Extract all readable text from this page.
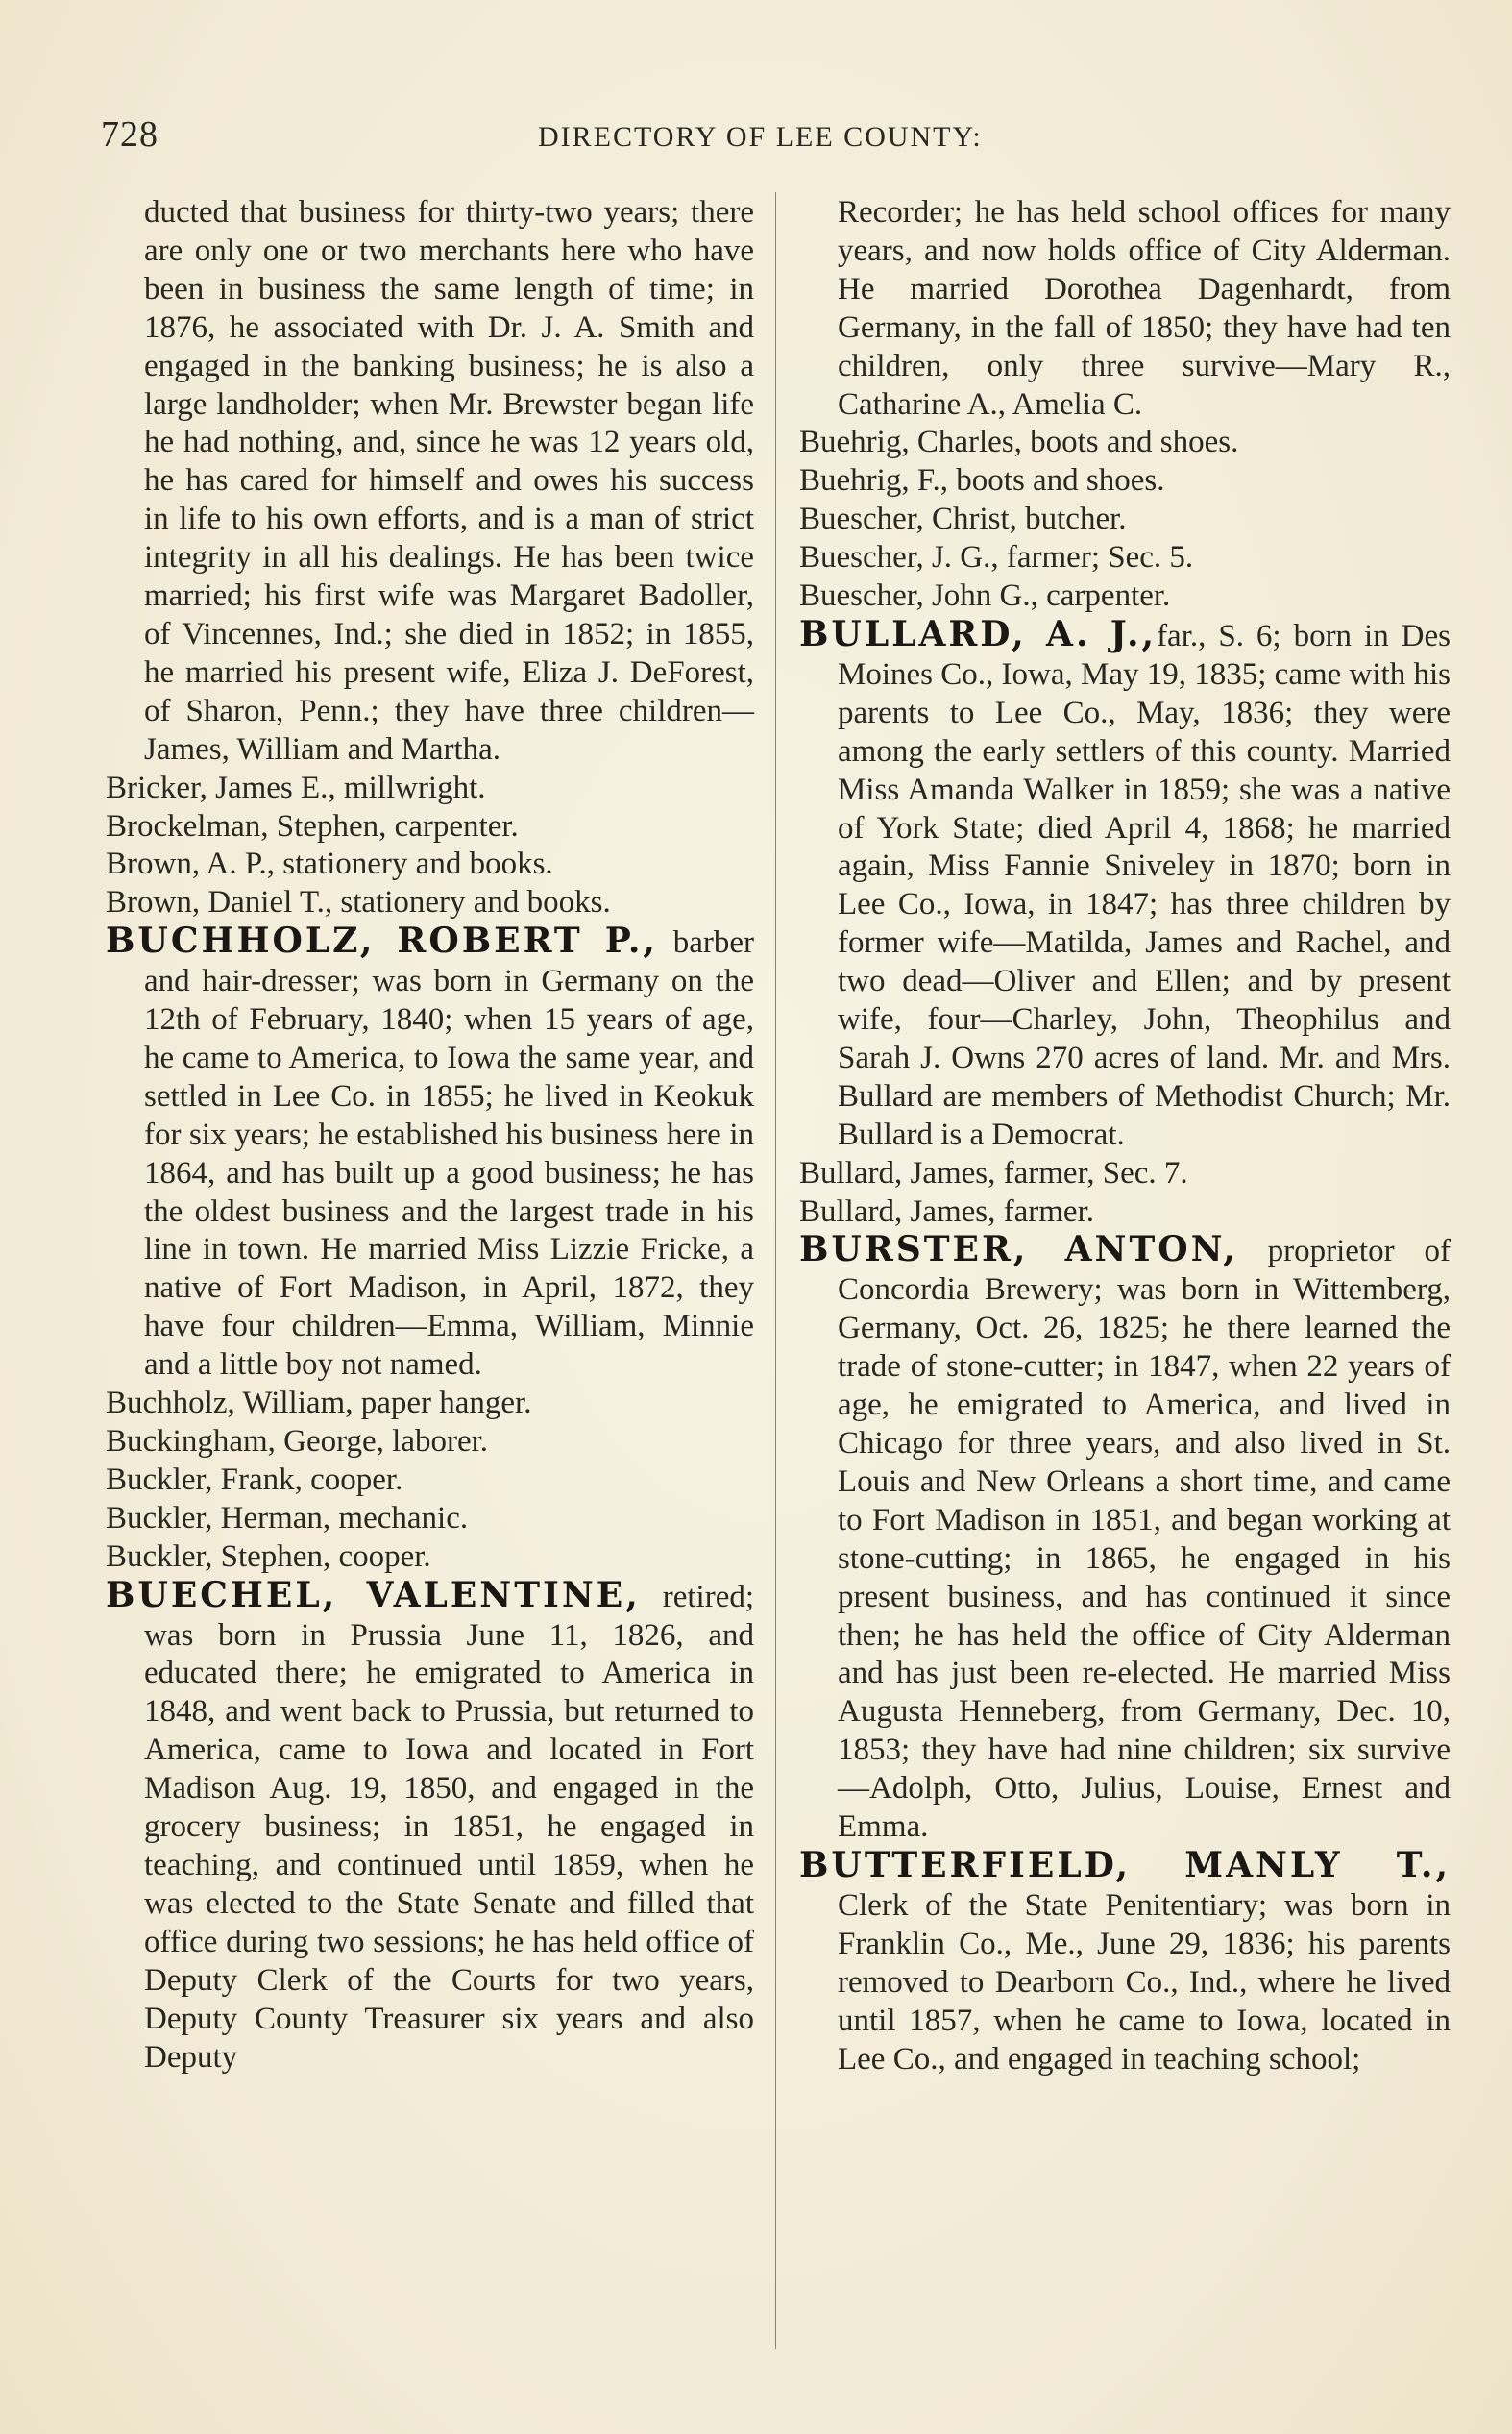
728	DIRECTORY OF LEE COUNTY:

ducted that business for thirty-two years; there are only one or two merchants here who have been in business the same length of time; in 1876, he associated with Dr. J. A. Smith and engaged in the banking business; he is also a large landholder; when Mr. Brewster began life he had nothing, and, since he was 12 years old, he has cared for himself and owes his success in life to his own efforts, and is a man of strict integrity in all his dealings. He has been twice married; his first wife was Margaret Badoller, of Vincennes, Ind.; she died in 1852; in 1855, he married his present wife, Eliza J. DeForest, of Sharon, Penn.; they have three children—James, William and Martha.

Bricker, James E., millwright.

Brockelman, Stephen, carpenter.

Brown, A. P., stationery and books.

Brown, Daniel T., stationery and books.

BUCHHOLZ, ROBERT P., barber and hair-dresser; was born in Germany on the 12th of February, 1840; when 15 years of age, he came to America, to Iowa the same year, and settled in Lee Co. in 1855; he lived in Keokuk for six years; he established his business here in 1864, and has built up a good business; he has the oldest business and the largest trade in his line in town. He married Miss Lizzie Fricke, a native of Fort Madison, in April, 1872, they have four children—Emma, William, Minnie and a little boy not named.

Buchholz, William, paper hanger.

Buckingham, George, laborer.

Buckler, Frank, cooper.

Buckler, Herman, mechanic.

Buckler, Stephen, cooper.

BUECHEL, VALENTINE, retired; was born in Prussia June 11, 1826, and educated there; he emigrated to America in 1848, and went back to Prussia, but returned to America, came to Iowa and located in Fort Madison Aug. 19, 1850, and engaged in the grocery business; in 1851, he engaged in teaching, and continued until 1859, when he was elected to the State Senate and filled that office during two sessions; he has held office of Deputy Clerk of the Courts for two years, Deputy County Treasurer six years and also Deputy

Recorder; he has held school offices for many years, and now holds office of City Alderman. He married Dorothea Dagenhardt, from Germany, in the fall of 1850; they have had ten children, only three survive—Mary R., Catharine A., Amelia C.

Buehrig, Charles, boots and shoes.

Buehrig, F., boots and shoes.

Buescher, Christ, butcher.

Buescher, J. G., farmer; Sec. 5.

Buescher, John G., carpenter.

BULLARD, A. J.,far., S. 6; born in Des Moines Co., Iowa, May 19, 1835; came with his parents to Lee Co., May, 1836; they were among the early settlers of this county. Married Miss Amanda Walker in 1859; she was a native of York State; died April 4, 1868; he married again, Miss Fannie Sniveley in 1870; born in Lee Co., Iowa, in 1847; has three children by former wife—Matilda, James and Rachel, and two dead—Oliver and Ellen; and by present wife, four—Charley, John, Theophilus and Sarah J. Owns 270 acres of land. Mr. and Mrs. Bullard are members of Methodist Church; Mr. Bullard is a Democrat.

Bullard, James, farmer, Sec. 7.

Bullard, James, farmer.

BURSTER, ANTON, proprietor of Concordia Brewery; was born in Wittemberg, Germany, Oct. 26, 1825; he there learned the trade of stone-cutter; in 1847, when 22 years of age, he emigrated to America, and lived in Chicago for three years, and also lived in St. Louis and New Orleans a short time, and came to Fort Madison in 1851, and began working at stone-cutting; in 1865, he engaged in his present business, and has continued it since then; he has held the office of City Alderman and has just been re-elected. He married Miss Augusta Henneberg, from Germany, Dec. 10, 1853; they have had nine children; six survive—Adolph, Otto, Julius, Louise, Ernest and Emma.

BUTTERFIELD, MANLY T., Clerk of the State Penitentiary; was born in Franklin Co., Me., June 29, 1836; his parents removed to Dearborn Co., Ind., where he lived until 1857, when he came to Iowa, located in Lee Co., and engaged in teaching school;
